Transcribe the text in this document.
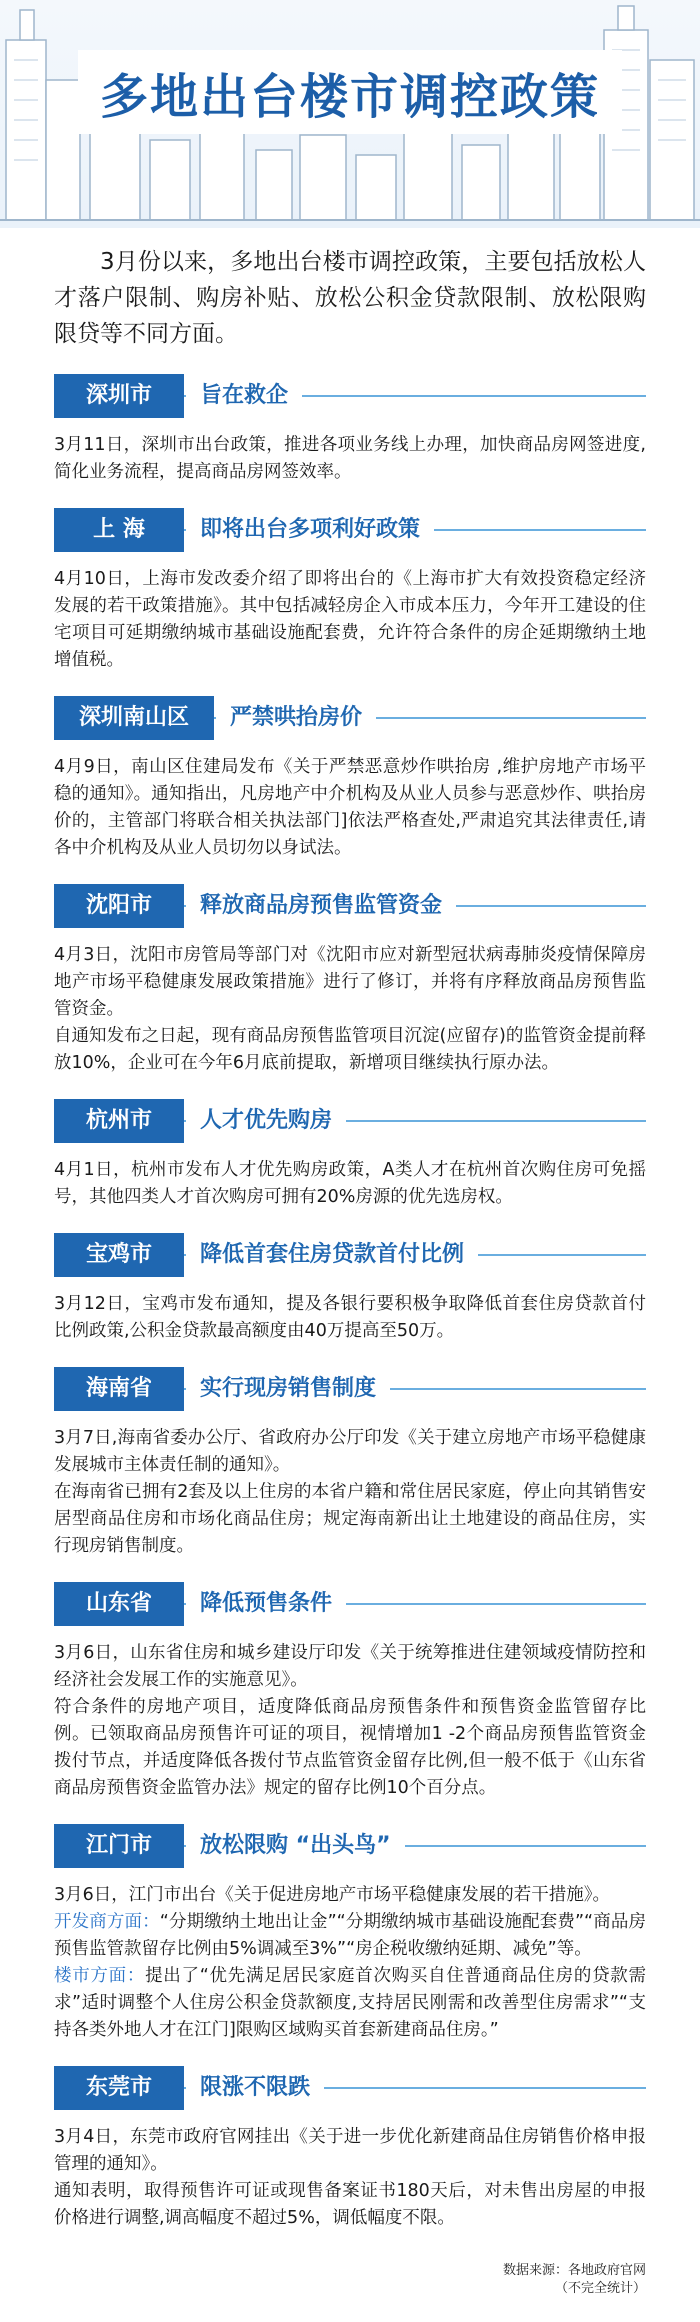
多地出台楼市调控政策
3月份以来，多地出台楼市调控政策，主要包括放松人才落户限制、购房补贴、放松公积金贷款限制、放松限购限贷等不同方面。
深圳市	旨在救企

3月11日，深圳市出台政策，推进各项业务线上办理，加快商品房网签进度,简化业务流程，提高商品房网签效率。

上 海	即将出台多项利好政策

4月10日，上海市发改委介绍了即将出台的《上海市扩大有效投资稳定经济发展的若干政策措施》。其中包括减轻房企入市成本压力，今年开工建设的住宅项目可延期缴纳城市基础设施配套费，允许符合条件的房企延期缴纳土地增值税。

深圳南山区	严禁哄抬房价

4月9日，南山区住建局发布《关于严禁恶意炒作哄抬房 ,维护房地产市场平稳的通知》。通知指出，凡房地产中介机构及从业人员参与恶意炒作、哄抬房价的，主管部门将联合相关执法部门]依法严格查处,严肃追究其法律责任,请各中介机构及从业人员切勿以身试法。

沈阳市	释放商品房预售监管资金

4月3日，沈阳市房管局等部门对《沈阳市应对新型冠状病毒肺炎疫情保障房地产市场平稳健康发展政策措施》进行了修订，并将有序释放商品房预售监管资金。

自通知发布之日起，现有商品房预售监管项目沉淀(应留存)的监管资金提前释放10%，企业可在今年6月底前提取，新增项目继续执行原办法。

杭州市	人才优先购房

4月1日，杭州市发布人才优先购房政策，A类人才在杭州首次购住房可免摇号，其他四类人才首次购房可拥有20%房源的优先选房权。

宝鸡市	降低首套住房贷款首付比例

3月12日，宝鸡市发布通知，提及各银行要积极争取降低首套住房贷款首付比例政策,公积金贷款最高额度由40万提高至50万。

海南省	实行现房销售制度

3月7日,海南省委办公厅、省政府办公厅印发《关于建立房地产市场平稳健康发展城市主体责任制的通知》。

在海南省已拥有2套及以上住房的本省户籍和常住居民家庭，停止向其销售安居型商品住房和市场化商品住房；规定海南新出让土地建设的商品住房，实行现房销售制度。

山东省	降低预售条件

3月6日，山东省住房和城乡建设厅印发《关于统筹推进住建领域疫情防控和经济社会发展工作的实施意见》。

符合条件的房地产项目，适度降低商品房预售条件和预售资金监管留存比例。已领取商品房预售许可证的项目，视情增加1 -2个商品房预售监管资金拨付节点，并适度降低各拨付节点监管资金留存比例,但一般不低于《山东省商品房预售资金监管办法》规定的留存比例10个百分点。

江门市	放松限购 “出头鸟”

3月6日，江门市出台《关于促进房地产市场平稳健康发展的若干措施》。

开发商方面：“分期缴纳土地出让金”“分期缴纳城市基础设施配套费”“商品房预售监管款留存比例由5%调减至3%”“房企税收缴纳延期、减免”等。

楼市方面：提出了“优先满足居民家庭首次购买自住普通商品住房的贷款需求”适时调整个人住房公积金贷款额度,支持居民刚需和改善型住房需求”“支持各类外地人才在江门]限购区域购买首套新建商品住房。”

东莞市	限涨不限跌

3月4日，东莞市政府官网挂出《关于进一步优化新建商品住房销售价格申报管理的通知》。

通知表明，取得预售许可证或现售备案证书180天后，对未售出房屋的申报价格进行调整,调高幅度不超过5%，调低幅度不限。

数据来源：各地政府官网
（不完全统计）
